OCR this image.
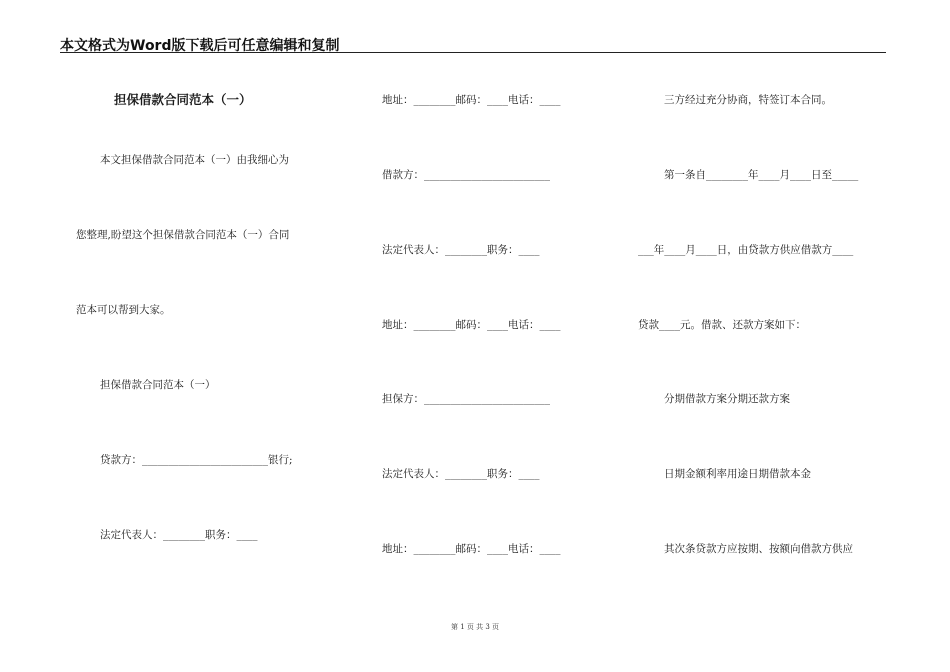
本文格式为Word版下载后可任意编辑和复制
担保借款合同范本（一）
本文担保借款合同范本（一）由我细心为
您整理,盼望这个担保借款合同范本（一）合同
范本可以帮到大家。
担保借款合同范本（一）
贷款方：________________________银行;
法定代表人：________职务：____
地址：________邮码：____电话：____
借款方：________________________
法定代表人：________职务：____
地址：________邮码：____电话：____
担保方：________________________
法定代表人：________职务：____
地址：________邮码：____电话：____
三方经过充分协商，特签订本合同。
第一条自________年____月____日至_____
___年____月____日，由贷款方供应借款方____
贷款____元。借款、还款方案如下：
分期借款方案分期还款方案
日期金额利率用途日期借款本金
其次条贷款方应按期、按额向借款方供应
第 1 页 共 3 页
